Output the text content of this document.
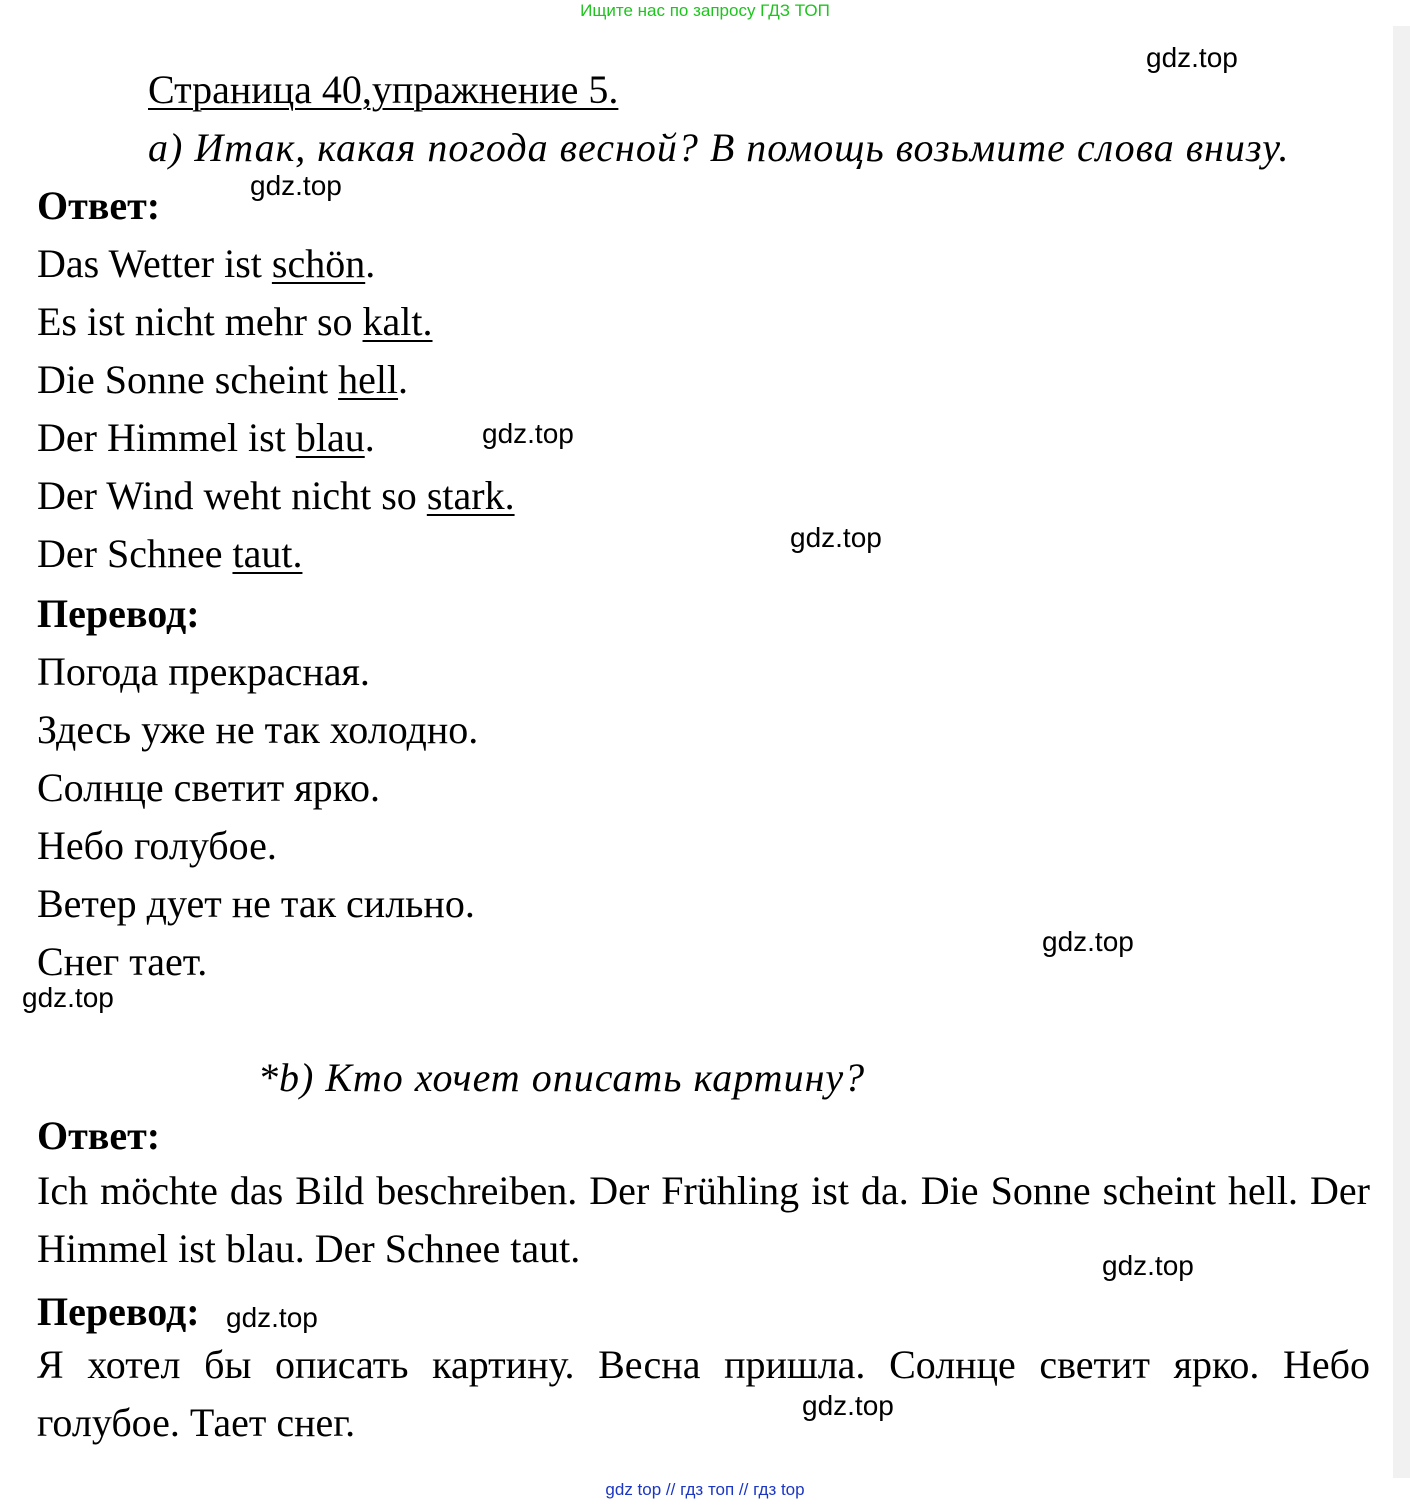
Ищите нас по запросу ГДЗ ТОП
Страница 40,упражнение 5.
а) Итак, какая погода весной? В помощь возьмите слова внизу.
Ответ:
Das Wetter ist schön.
Es ist nicht mehr so kalt.
Die Sonne scheint hell.
Der Himmel ist blau.
Der Wind weht nicht so stark.
Der Schnee taut.
Перевод:
Погода прекрасная.
Здесь уже не так холодно.
Солнце светит ярко.
Небо голубое.
Ветер дует не так сильно.
Снег тает.
*b) Кто хочет описать картину?
Ответ:
Ich möchte das Bild beschreiben. Der Frühling ist da. Die Sonne scheint hell. Der Himmel ist blau. Der Schnee taut.
Перевод:
Я хотел бы описать картину. Весна пришла. Солнце светит ярко. Небо голубое. Тает снег.
gdz.top
gdz.top
gdz.top
gdz.top
gdz.top
gdz.top
gdz.top
gdz.top
gdz.top
gdz top // гдз топ // гдз top
